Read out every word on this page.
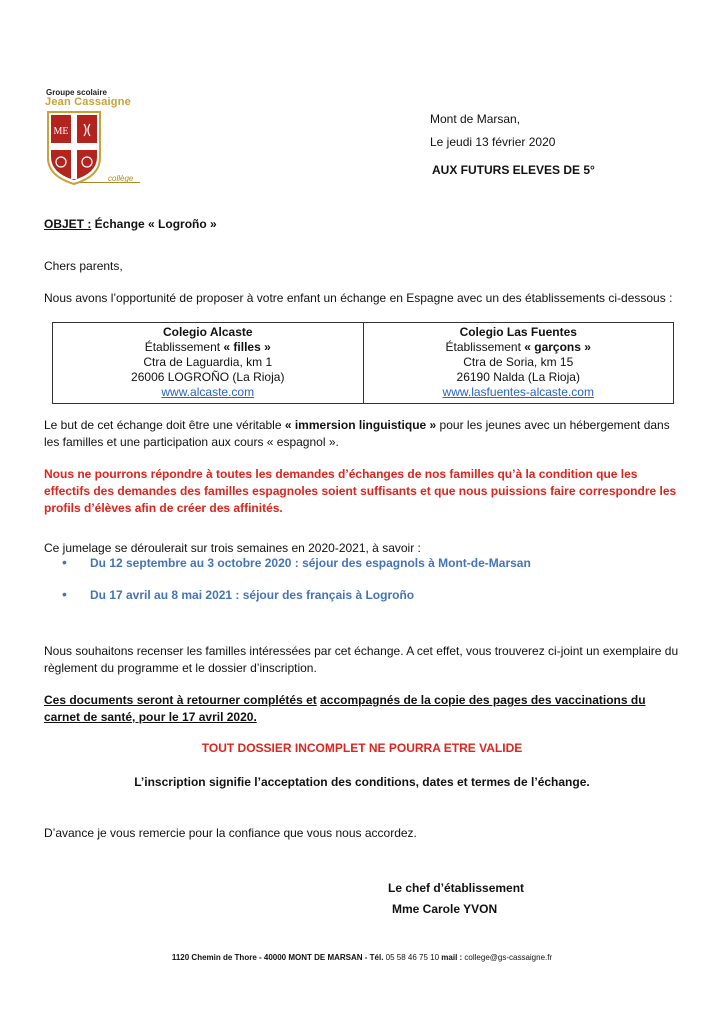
Groupe scolaire
Jean Cassaigne
ME
collège
Mont de Marsan,
Le jeudi 13 février 2020
AUX FUTURS ELEVES DE 5°
OBJET : Échange « Logroño »
Chers parents,
Nous avons l’opportunité de proposer à votre enfant un échange en Espagne avec un des établissements ci-dessous :
Colegio Alcaste
Établissement « filles »
Ctra de Laguardia, km 1
26006 LOGROÑO (La Rioja)
www.alcaste.com

Colegio Las Fuentes
Établissement « garçons »
Ctra de Soria, km 15
26190 Nalda (La Rioja)
www.lasfuentes-alcaste.com
Le but de cet échange doit être une véritable « immersion linguistique » pour les jeunes avec un hébergement dans les familles et une participation aux cours « espagnol ».
Nous ne pourrons répondre à toutes les demandes d’échanges de nos familles qu’à la condition que les effectifs des demandes des familles espagnoles soient suffisants et que nous puissions faire correspondre les profils d’élèves afin de créer des affinités.
Ce jumelage se déroulerait sur trois semaines en 2020-2021, à savoir :
• Du 12 septembre au 3 octobre 2020 : séjour des espagnols à Mont-de-Marsan
• Du 17 avril au 8 mai 2021 : séjour des français à Logroño
Nous souhaitons recenser les familles intéressées par cet échange. A cet effet, vous trouverez ci-joint un exemplaire du règlement du programme et le dossier d’inscription.
Ces documents seront à retourner complétés et accompagnés de la copie des pages des vaccinations du carnet de santé, pour le 17 avril 2020.
TOUT DOSSIER INCOMPLET NE POURRA ETRE VALIDE
L’inscription signifie l’acceptation des conditions, dates et termes de l’échange.
D’avance je vous remercie pour la confiance que vous nous accordez.
Le chef d’établissement
Mme Carole YVON
1120 Chemin de Thore - 40000 MONT DE MARSAN - Tél. 05 58 46 75 10 mail : college@gs-cassaigne.fr
